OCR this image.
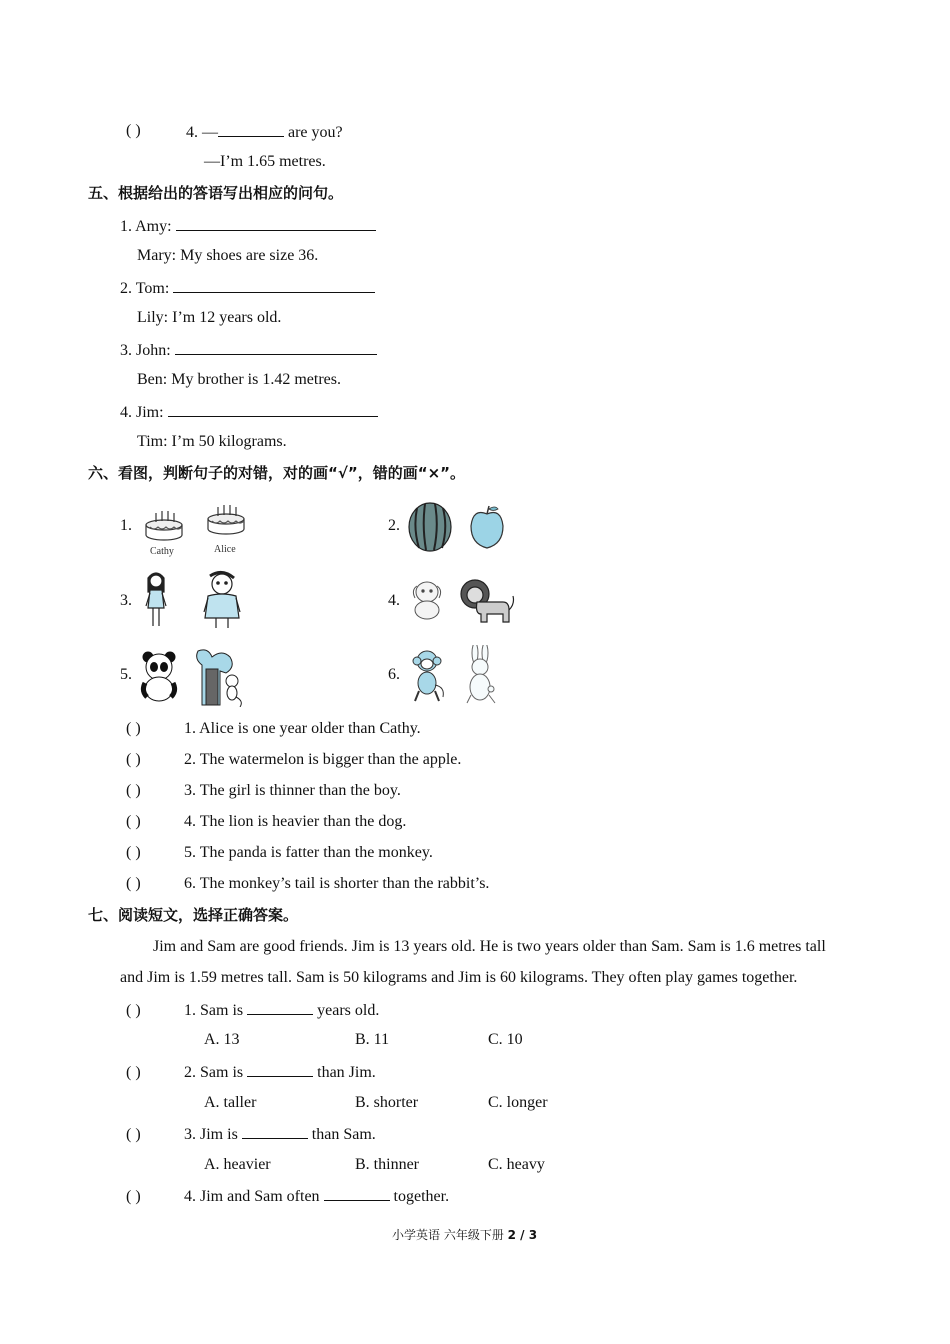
( )	4. —	are you?
—I’m 1.65 metres.
五、根据给出的答语写出相应的问句。
1. Amy:
Mary: My shoes are size 36.
2. Tom:
Lily: I’m 12 years old.
3. John:
Ben: My brother is 1.42 metres.
4. Jim:
Tim: I’m 50 kilograms.
六、看图，判断句子的对错，对的画“√”，错的画“×”。
1.	2.
3.	4.
5.	6.
Cathy	Alice
( )	1. Alice is one year older than Cathy.
( )	2. The watermelon is bigger than the apple.
( )	3. The girl is thinner than the boy.
( )	4. The lion is heavier than the dog.
( )	5. The panda is fatter than the monkey.
( )	6. The monkey’s tail is shorter than the rabbit’s.
七、阅读短文，选择正确答案。
Jim and Sam are good friends. Jim is 13 years old. He is two years older than Sam. Sam is 1.6 metres tall
and Jim is 1.59 metres tall. Sam is 50 kilograms and Jim is 60 kilograms. They often play games together.
( )	1. Sam is	years old.
A. 13	B. 11	C. 10
( )	2. Sam is	than Jim.
A. taller	B. shorter	C. longer
( )	3. Jim is	than Sam.
A. heavier	B. thinner	C. heavy
( )	4. Jim and Sam often	together.
小学英语 六年级下册 2 / 3
